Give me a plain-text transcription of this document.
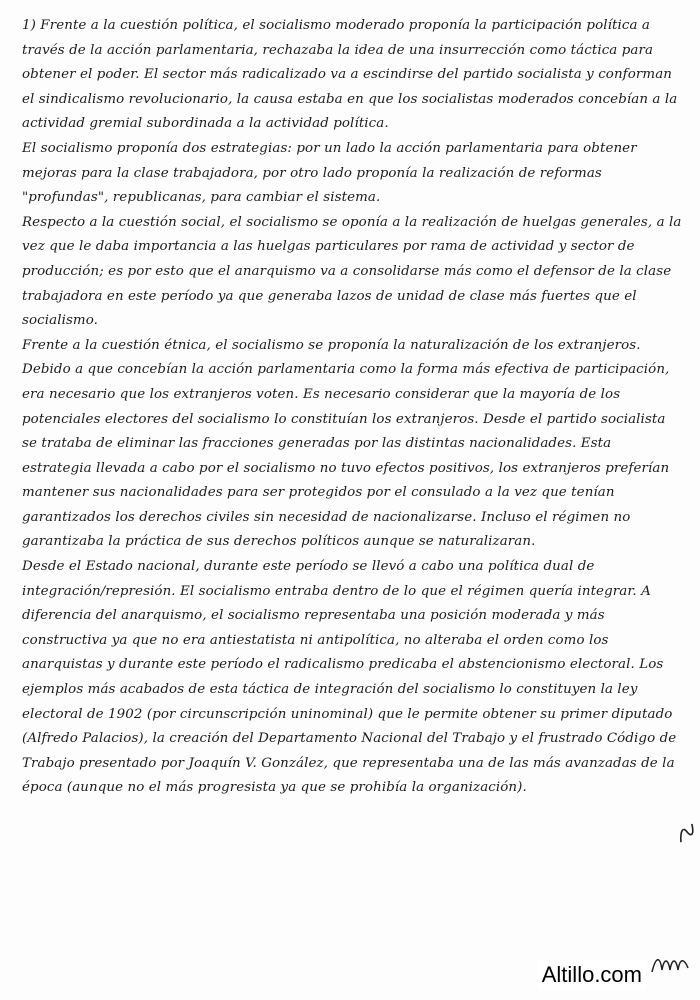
1) Frente a la cuestión política, el socialismo moderado proponía la participación política a través de la acción parlamentaria, rechazaba la idea de una insurrección como táctica para obtener el poder. El sector más radicalizado va a escindirse del partido socialista y conforman el sindicalismo revolucionario, la causa estaba en que los socialistas moderados concebían a la actividad gremial subordinada a la actividad política.

El socialismo proponía dos estrategias: por un lado la acción parlamentaria para obtener mejoras para la clase trabajadora, por otro lado proponía la realización de reformas "profundas", republicanas, para cambiar el sistema.

Respecto a la cuestión social, el socialismo se oponía a la realización de huelgas generales, a la vez que le daba importancia a las huelgas particulares por rama de actividad y sector de producción; es por esto que el anarquismo va a consolidarse más como el defensor de la clase trabajadora en este período ya que generaba lazos de unidad de clase más fuertes que el socialismo.

Frente a la cuestión étnica, el socialismo se proponía la naturalización de los extranjeros. Debido a que concebían la acción parlamentaria como la forma más efectiva de participación, era necesario que los extranjeros voten. Es necesario considerar que la mayoría de los potenciales electores del socialismo lo constituían los extranjeros. Desde el partido socialista se trataba de eliminar las fracciones generadas por las distintas nacionalidades. Esta estrategia llevada a cabo por el socialismo no tuvo efectos positivos, los extranjeros preferían mantener sus nacionalidades para ser protegidos por el consulado a la vez que tenían garantizados los derechos civiles sin necesidad de nacionalizarse. Incluso el régimen no garantizaba la práctica de sus derechos políticos aunque se naturalizaran.

Desde el Estado nacional, durante este período se llevó a cabo una política dual de integración/represión. El socialismo entraba dentro de lo que el régimen quería integrar. A diferencia del anarquismo, el socialismo representaba una posición moderada y más constructiva ya que no era antiestatista ni antipolítica, no alteraba el orden como los anarquistas y durante este período el radicalismo predicaba el abstencionismo electoral. Los ejemplos más acabados de esta táctica de integración del socialismo lo constituyen la ley electoral de 1902 (por circunscripción uninominal) que le permite obtener su primer diputado (Alfredo Palacios), la creación del Departamento Nacional del Trabajo y el frustrado Código de Trabajo presentado por Joaquín V. González, que representaba una de las más avanzadas de la época (aunque no el más progresista ya que se prohibía la organización).

Altillo.com
